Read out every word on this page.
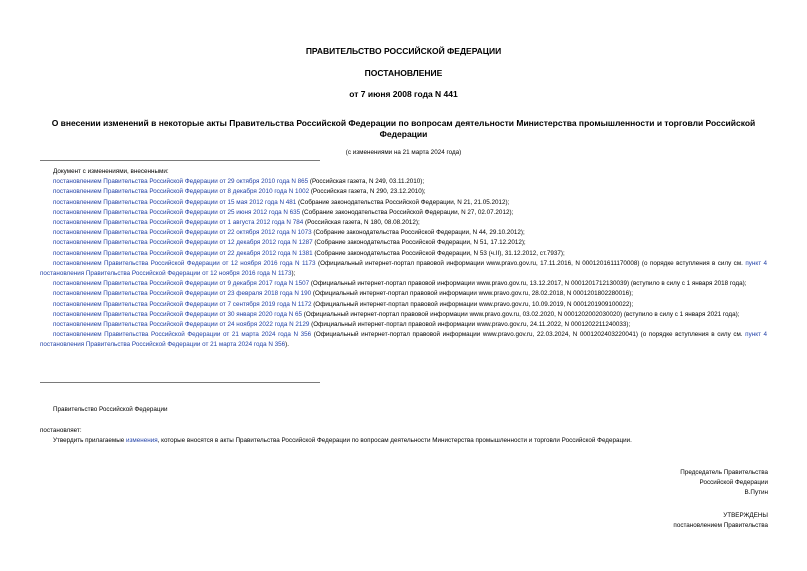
ПРАВИТЕЛЬСТВО РОССИЙСКОЙ ФЕДЕРАЦИИ
ПОСТАНОВЛЕНИЕ
от 7 июня 2008 года N 441
О внесении изменений в некоторые акты Правительства Российской Федерации по вопросам деятельности Министерства промышленности и торговли Российской Федерации
(с изменениями на 21 марта 2024 года)
Документ с изменениями, внесенными:
постановлением Правительства Российской Федерации от 29 октября 2010 года N 865 (Российская газета, N 249, 03.11.2010);
постановлением Правительства Российской Федерации от 8 декабря 2010 года N 1002 (Российская газета, N 290, 23.12.2010);
постановлением Правительства Российской Федерации от 15 мая 2012 года N 481 (Собрание законодательства Российской Федерации, N 21, 21.05.2012);
постановлением Правительства Российской Федерации от 25 июня 2012 года N 635 (Собрание законодательства Российской Федерации, N 27, 02.07.2012);
постановлением Правительства Российской Федерации от 1 августа 2012 года N 784 (Российская газета, N 180, 08.08.2012);
постановлением Правительства Российской Федерации от 22 октября 2012 года N 1073 (Собрание законодательства Российской Федерации, N 44, 29.10.2012);
постановлением Правительства Российской Федерации от 12 декабря 2012 года N 1287 (Собрание законодательства Российской Федерации, N 51, 17.12.2012);
постановлением Правительства Российской Федерации от 22 декабря 2012 года N 1381 (Собрание законодательства Российской Федерации, N 53 (ч.II), 31.12.2012, ст.7937);
постановлением Правительства Российской Федерации от 12 ноября 2016 года N 1173 (Официальный интернет-портал правовой информации www.pravo.gov.ru, 17.11.2016, N 0001201611170008) (о порядке вступления в силу см. пункт 4 постановления Правительства Российской Федерации от 12 ноября 2016 года N 1173);
постановлением Правительства Российской Федерации от 9 декабря 2017 года N 1507 (Официальный интернет-портал правовой информации www.pravo.gov.ru, 13.12.2017, N 0001201712130039) (вступило в силу с 1 января 2018 года);
постановлением Правительства Российской Федерации от 23 февраля 2018 года N 190 (Официальный интернет-портал правовой информации www.pravo.gov.ru, 28.02.2018, N 0001201802280016);
постановлением Правительства Российской Федерации от 7 сентября 2019 года N 1172 (Официальный интернет-портал правовой информации www.pravo.gov.ru, 10.09.2019, N 0001201909100022);
постановлением Правительства Российской Федерации от 30 января 2020 года N 65 (Официальный интернет-портал правовой информации www.pravo.gov.ru, 03.02.2020, N 0001202002030020) (вступило в силу с 1 января 2021 года);
постановлением Правительства Российской Федерации от 24 ноября 2022 года N 2129 (Официальный интернет-портал правовой информации www.pravo.gov.ru, 24.11.2022, N 0001202211240033);
постановлением Правительства Российской Федерации от 21 марта 2024 года N 356 (Официальный интернет-портал правовой информации www.pravo.gov.ru, 22.03.2024, N 0001202403220041) (о порядке вступления в силу см. пункт 4 постановления Правительства Российской Федерации от 21 марта 2024 года N 356).
Правительство Российской Федерации
постановляет:
Утвердить прилагаемые изменения, которые вносятся в акты Правительства Российской Федерации по вопросам деятельности Министерства промышленности и торговли Российской Федерации.
Председатель Правительства
Российской Федерации
В.Путин
УТВЕРЖДЕНЫ
постановлением Правительства
